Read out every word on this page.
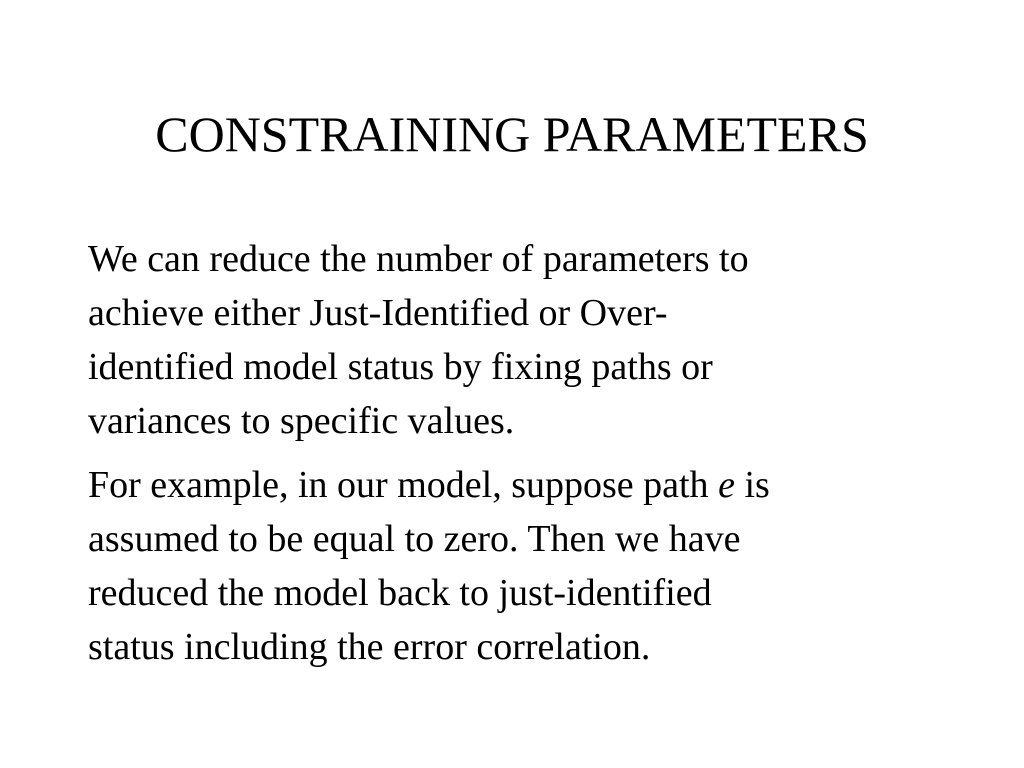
CONSTRAINING PARAMETERS
We can reduce the number of parameters to
achieve either Just-Identified or Over-
identified model status by fixing paths or
variances to specific values.
For example, in our model, suppose path e is
assumed to be equal to zero. Then we have
reduced the model back to just-identified
status including the error correlation.
